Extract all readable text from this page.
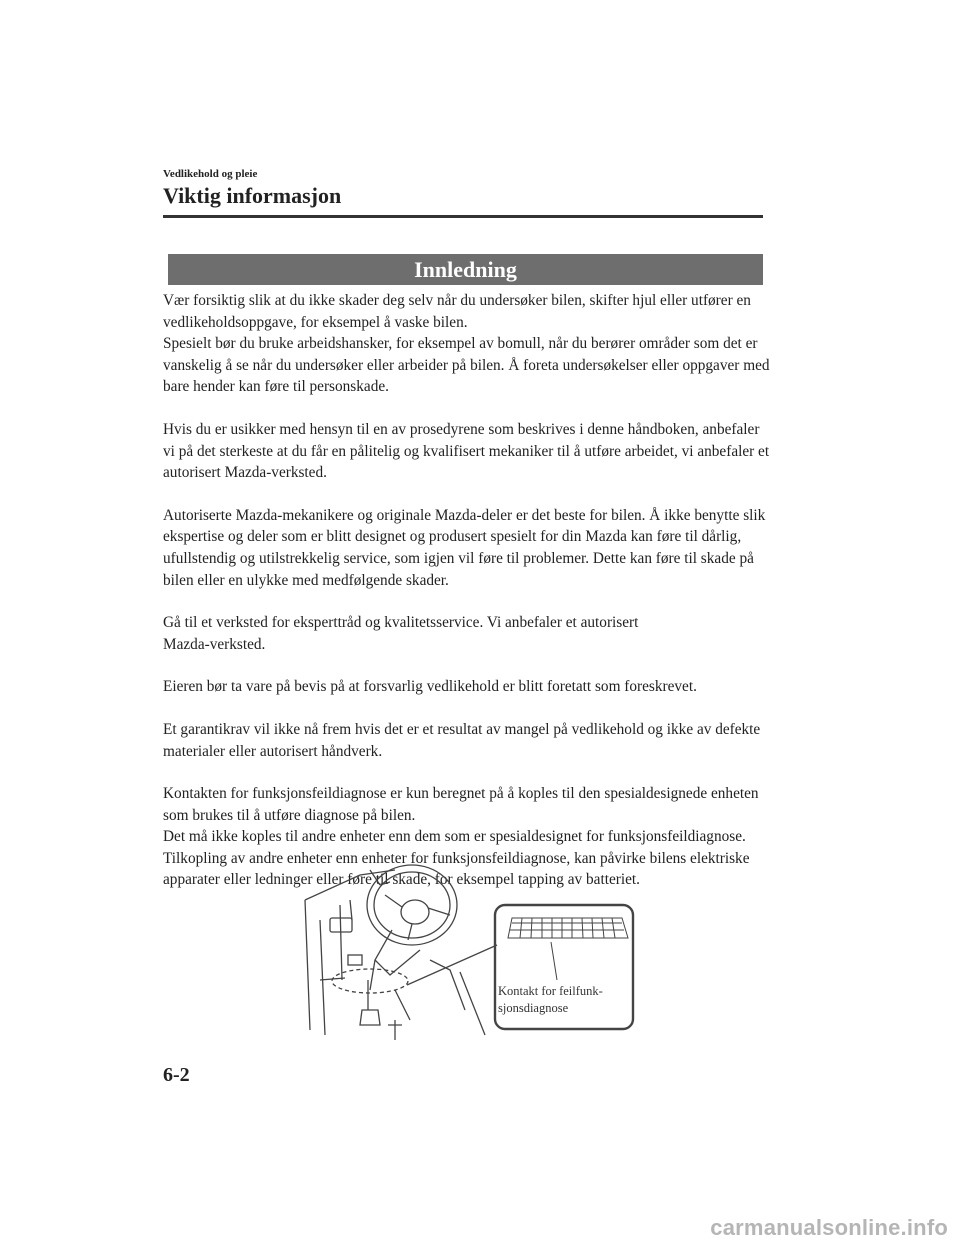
Vedlikehold og pleie
Viktig informasjon
Innledning

Vær forsiktig slik at du ikke skader deg selv når du undersøker bilen, skifter hjul eller utfører en vedlikeholdsoppgave, for eksempel å vaske bilen.
Spesielt bør du bruke arbeidshansker, for eksempel av bomull, når du berører områder som det er vanskelig å se når du undersøker eller arbeider på bilen. Å foreta undersøkelser eller oppgaver med bare hender kan føre til personskade.

Hvis du er usikker med hensyn til en av prosedyrene som beskrives i denne håndboken, anbefaler vi på det sterkeste at du får en pålitelig og kvalifisert mekaniker til å utføre arbeidet, vi anbefaler et autorisert Mazda-verksted.

Autoriserte Mazda-mekanikere og originale Mazda-deler er det beste for bilen. Å ikke benytte slik ekspertise og deler som er blitt designet og produsert spesielt for din Mazda kan føre til dårlig, ufullstendig og utilstrekkelig service, som igjen vil føre til problemer. Dette kan føre til skade på bilen eller en ulykke med medfølgende skader.

Gå til et verksted for eksperttråd og kvalitetsservice. Vi anbefaler et autorisert
Mazda-verksted.

Eieren bør ta vare på bevis på at forsvarlig vedlikehold er blitt foretatt som foreskrevet.

Et garantikrav vil ikke nå frem hvis det er et resultat av mangel på vedlikehold og ikke av defekte materialer eller autorisert håndverk.

Kontakten for funksjonsfeildiagnose er kun beregnet på å koples til den spesialdesignede enheten som brukes til å utføre diagnose på bilen.
Det må ikke koples til andre enheter enn dem som er spesialdesignet for funksjonsfeildiagnose. Tilkopling av andre enheter enn enheter for funksjonsfeildiagnose, kan påvirke bilens elektriske apparater eller ledninger eller føre til skade, for eksempel tapping av batteriet.

Kontakt for feilfunk-
sjonsdiagnose
6-2
carmanualsonline.info
